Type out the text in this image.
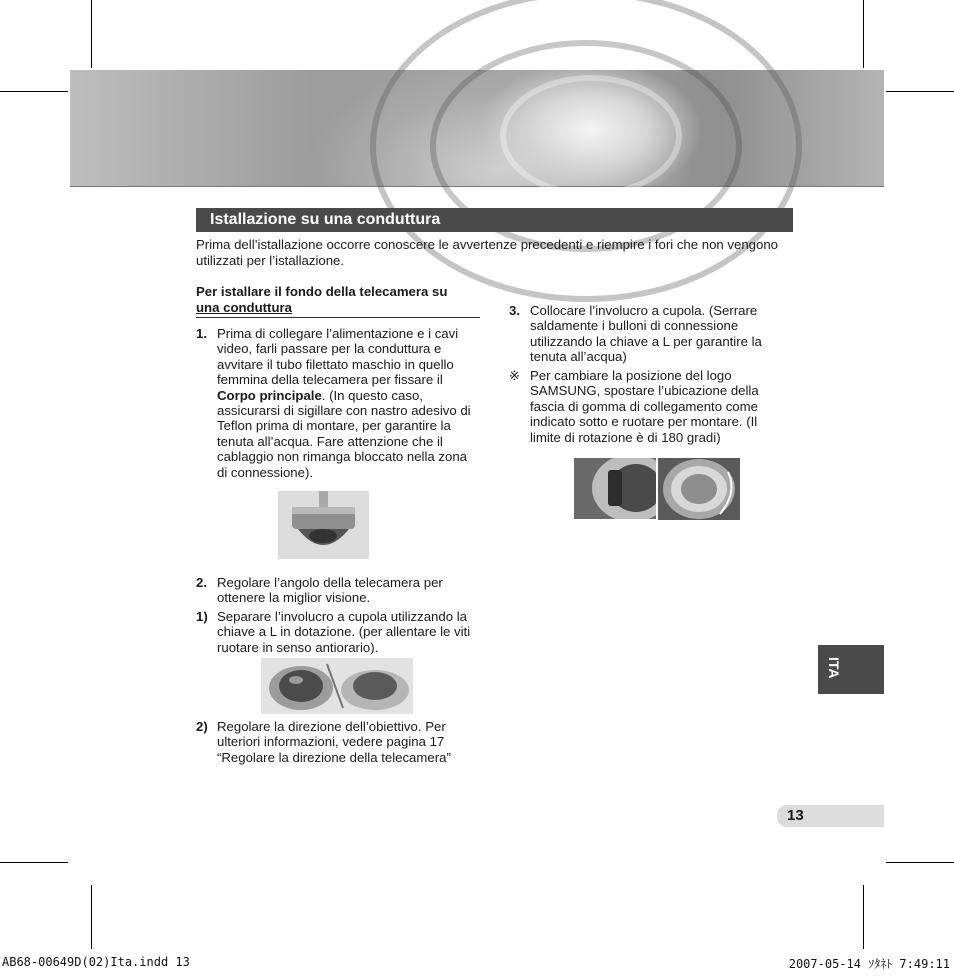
Istallazione su una conduttura
Prima dell’istallazione occorre conoscere le avvertenze precedenti e riempire i fori che non vengono utilizzati per l’istallazione.
Per istallare il fondo della telecamera su
una conduttura
1. Prima di collegare l’alimentazione e i cavi video, farli passare per la conduttura e avvitare il tubo filettato maschio in quello femmina della telecamera per fissare il Corpo principale. (In questo caso, assicurarsi di sigillare con nastro adesivo di Teflon prima di montare, per garantire la tenuta all’acqua. Fare attenzione che il cablaggio non rimanga bloccato nella zona di connessione).
2. Regolare l’angolo della telecamera per ottenere la miglior visione.
1) Separare l’involucro a cupola utilizzando la chiave a L in dotazione. (per allentare le viti ruotare in senso antiorario).
2) Regolare la direzione dell’obiettivo. Per ulteriori informazioni, vedere pagina 17 “Regolare la direzione della telecamera”
3. Collocare l’involucro a cupola. (Serrare saldamente i bulloni di connessione utilizzando la chiave a L per garantire la tenuta all’acqua)
※ Per cambiare la posizione del logo SAMSUNG, spostare l’ubicazione della fascia di gomma di collegamento come indicato sotto e ruotare per montare. (Il limite di rotazione è di 180 gradi)
ITA
13
AB68-00649D(02)Ita.indd 13	2007-05-14 ｿﾀﾈﾄ 7:49:11
